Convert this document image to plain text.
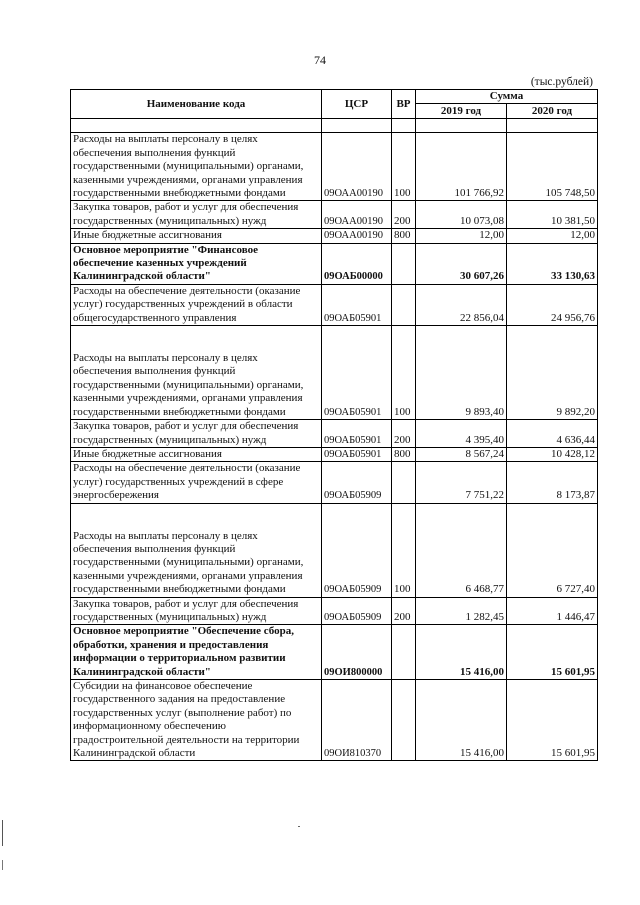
74
(тыс.рублей)
Наименование кода	ЦСР	ВР	Сумма	
			2019 год	2020 год

Расходы на выплаты персоналу в целях обеспечения выполнения функций государственными (муниципальными) органами, казенными учреждениями, органами управления государственными внебюджетными фондами	09ОАА00190	100	101 766,92	105 748,50
Закупка товаров, работ и услуг для обеспечения государственных (муниципальных) нужд	09ОАА00190	200	10 073,08	10 381,50
Иные бюджетные ассигнования	09ОАА00190	800	12,00	12,00
Основное мероприятие "Финансовое обеспечение казенных учреждений Калининградской области"	09ОАБ00000		30 607,26	33 130,63
Расходы на обеспечение деятельности (оказание услуг) государственных учреждений в области общегосударственного управления	09ОАБ05901		22 856,04	24 956,76
Расходы на выплаты персоналу в целях обеспечения выполнения функций государственными (муниципальными) органами, казенными учреждениями, органами управления государственными внебюджетными фондами	09ОАБ05901	100	9 893,40	9 892,20
Закупка товаров, работ и услуг для обеспечения государственных (муниципальных) нужд	09ОАБ05901	200	4 395,40	4 636,44
Иные бюджетные ассигнования	09ОАБ05901	800	8 567,24	10 428,12
Расходы на обеспечение деятельности (оказание услуг) государственных учреждений в сфере энергосбережения	09ОАБ05909		7 751,22	8 173,87
Расходы на выплаты персоналу в целях обеспечения выполнения функций государственными (муниципальными) органами, казенными учреждениями, органами управления государственными внебюджетными фондами	09ОАБ05909	100	6 468,77	6 727,40
Закупка товаров, работ и услуг для обеспечения государственных (муниципальных) нужд	09ОАБ05909	200	1 282,45	1 446,47
Основное мероприятие "Обеспечение сбора, обработки, хранения и предоставления информации о территориальном развитии Калининградской области"	09ОИ800000		15 416,00	15 601,95
Субсидии на финансовое обеспечение государственного задания на предоставление государственных услуг (выполнение работ) по информационному обеспечению градостроительной деятельности на территории Калининградской области	09ОИ810370		15 416,00	15 601,95
